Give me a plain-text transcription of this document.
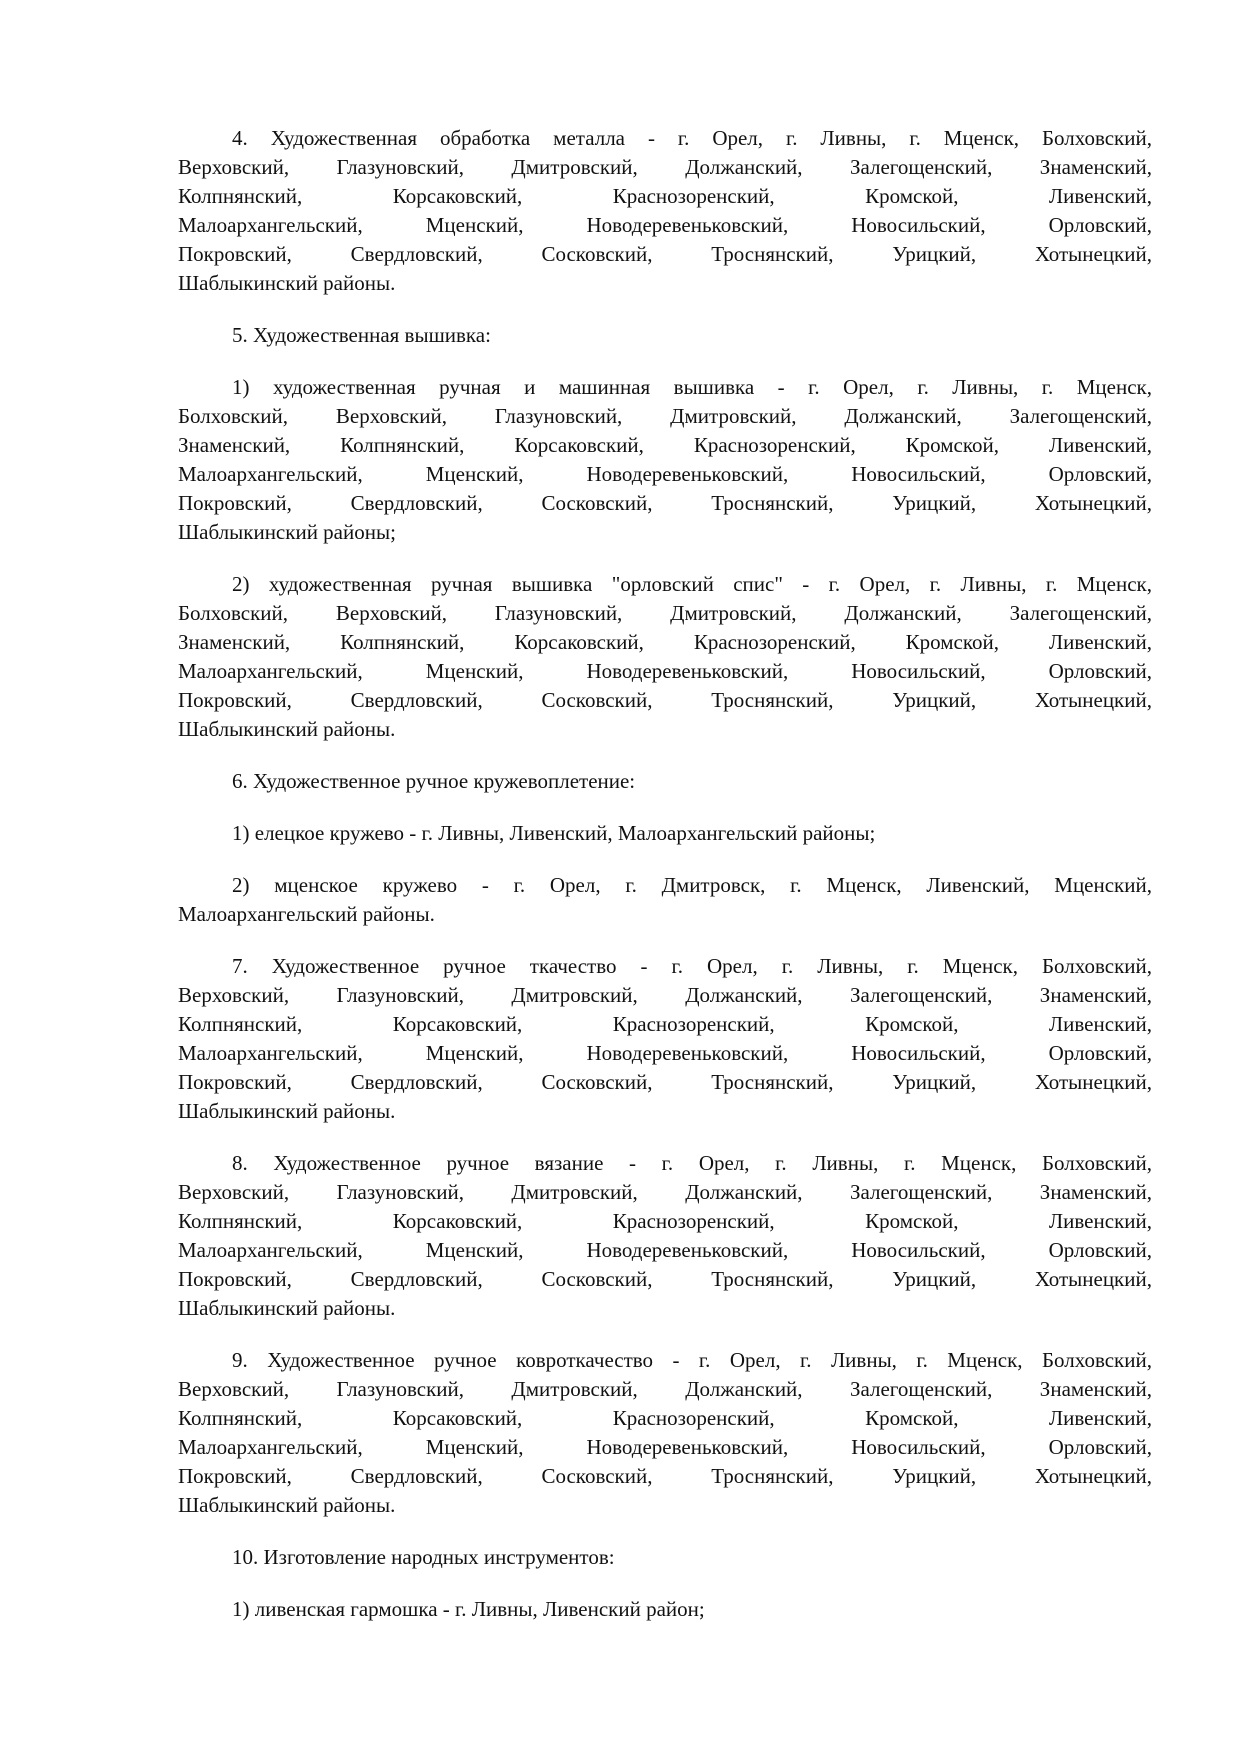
4. Художественная обработка металла - г. Орел, г. Ливны, г. Мценск, Болховский,
Верховский, Глазуновский, Дмитровский, Должанский, Залегощенский, Знаменский,
Колпнянский, Корсаковский, Краснозоренский, Кромской, Ливенский,
Малоархангельский, Мценский, Новодеревеньковский, Новосильский, Орловский,
Покровский, Свердловский, Сосковский, Троснянский, Урицкий, Хотынецкий,
Шаблыкинский районы.
5. Художественная вышивка:
1) художественная ручная и машинная вышивка - г. Орел, г. Ливны, г. Мценск,
Болховский, Верховский, Глазуновский, Дмитровский, Должанский, Залегощенский,
Знаменский, Колпнянский, Корсаковский, Краснозоренский, Кромской, Ливенский,
Малоархангельский, Мценский, Новодеревеньковский, Новосильский, Орловский,
Покровский, Свердловский, Сосковский, Троснянский, Урицкий, Хотынецкий,
Шаблыкинский районы;
2) художественная ручная вышивка "орловский спис" - г. Орел, г. Ливны, г. Мценск,
Болховский, Верховский, Глазуновский, Дмитровский, Должанский, Залегощенский,
Знаменский, Колпнянский, Корсаковский, Краснозоренский, Кромской, Ливенский,
Малоархангельский, Мценский, Новодеревеньковский, Новосильский, Орловский,
Покровский, Свердловский, Сосковский, Троснянский, Урицкий, Хотынецкий,
Шаблыкинский районы.
6. Художественное ручное кружевоплетение:
1) елецкое кружево - г. Ливны, Ливенский, Малоархангельский районы;
2) мценское кружево - г. Орел, г. Дмитровск, г. Мценск, Ливенский, Мценский,
Малоархангельский районы.
7. Художественное ручное ткачество - г. Орел, г. Ливны, г. Мценск, Болховский,
Верховский, Глазуновский, Дмитровский, Должанский, Залегощенский, Знаменский,
Колпнянский, Корсаковский, Краснозоренский, Кромской, Ливенский,
Малоархангельский, Мценский, Новодеревеньковский, Новосильский, Орловский,
Покровский, Свердловский, Сосковский, Троснянский, Урицкий, Хотынецкий,
Шаблыкинский районы.
8. Художественное ручное вязание - г. Орел, г. Ливны, г. Мценск, Болховский,
Верховский, Глазуновский, Дмитровский, Должанский, Залегощенский, Знаменский,
Колпнянский, Корсаковский, Краснозоренский, Кромской, Ливенский,
Малоархангельский, Мценский, Новодеревеньковский, Новосильский, Орловский,
Покровский, Свердловский, Сосковский, Троснянский, Урицкий, Хотынецкий,
Шаблыкинский районы.
9. Художественное ручное ковроткачество - г. Орел, г. Ливны, г. Мценск, Болховский,
Верховский, Глазуновский, Дмитровский, Должанский, Залегощенский, Знаменский,
Колпнянский, Корсаковский, Краснозоренский, Кромской, Ливенский,
Малоархангельский, Мценский, Новодеревеньковский, Новосильский, Орловский,
Покровский, Свердловский, Сосковский, Троснянский, Урицкий, Хотынецкий,
Шаблыкинский районы.
10. Изготовление народных инструментов:
1) ливенская гармошка - г. Ливны, Ливенский район;
